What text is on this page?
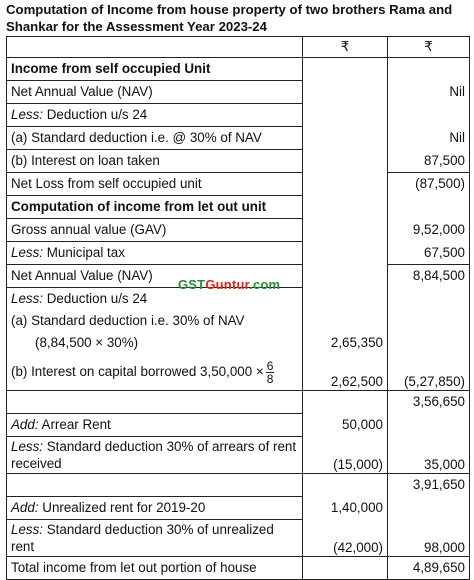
Computation of Income from house property of two brothers Rama and Shankar for the Assessment Year 2023-24
	₹	₹
Income from self occupied Unit		
Net Annual Value (NAV)		Nil
Less: Deduction u/s 24		
(a) Standard deduction i.e. @ 30% of NAV		Nil
(b) Interest on loan taken		87,500
Net Loss from self occupied unit		(87,500)
Computation of income from let out unit		
Gross annual value (GAV)		9,52,000
Less: Municipal tax		67,500
Net Annual Value (NAV)		8,84,500
Less: Deduction u/s 24		
(a) Standard deduction i.e. 30% of NAV		
(8,84,500 × 30%)	2,65,350	
(b) Interest on capital borrowed $3,50,000 \times \frac{6}{8}$	2,62,500	(5,27,850)
		3,56,650
Add: Arrear Rent	50,000	
Less: Standard deduction 30% of arrears of rent received	(15,000)	35,000
		3,91,650
Add: Unrealized rent for 2019-20	1,40,000	
Less: Standard deduction 30% of unrealized rent	(42,000)	98,000
Total income from let out portion of house		4,89,650
GSTGuntur.com
